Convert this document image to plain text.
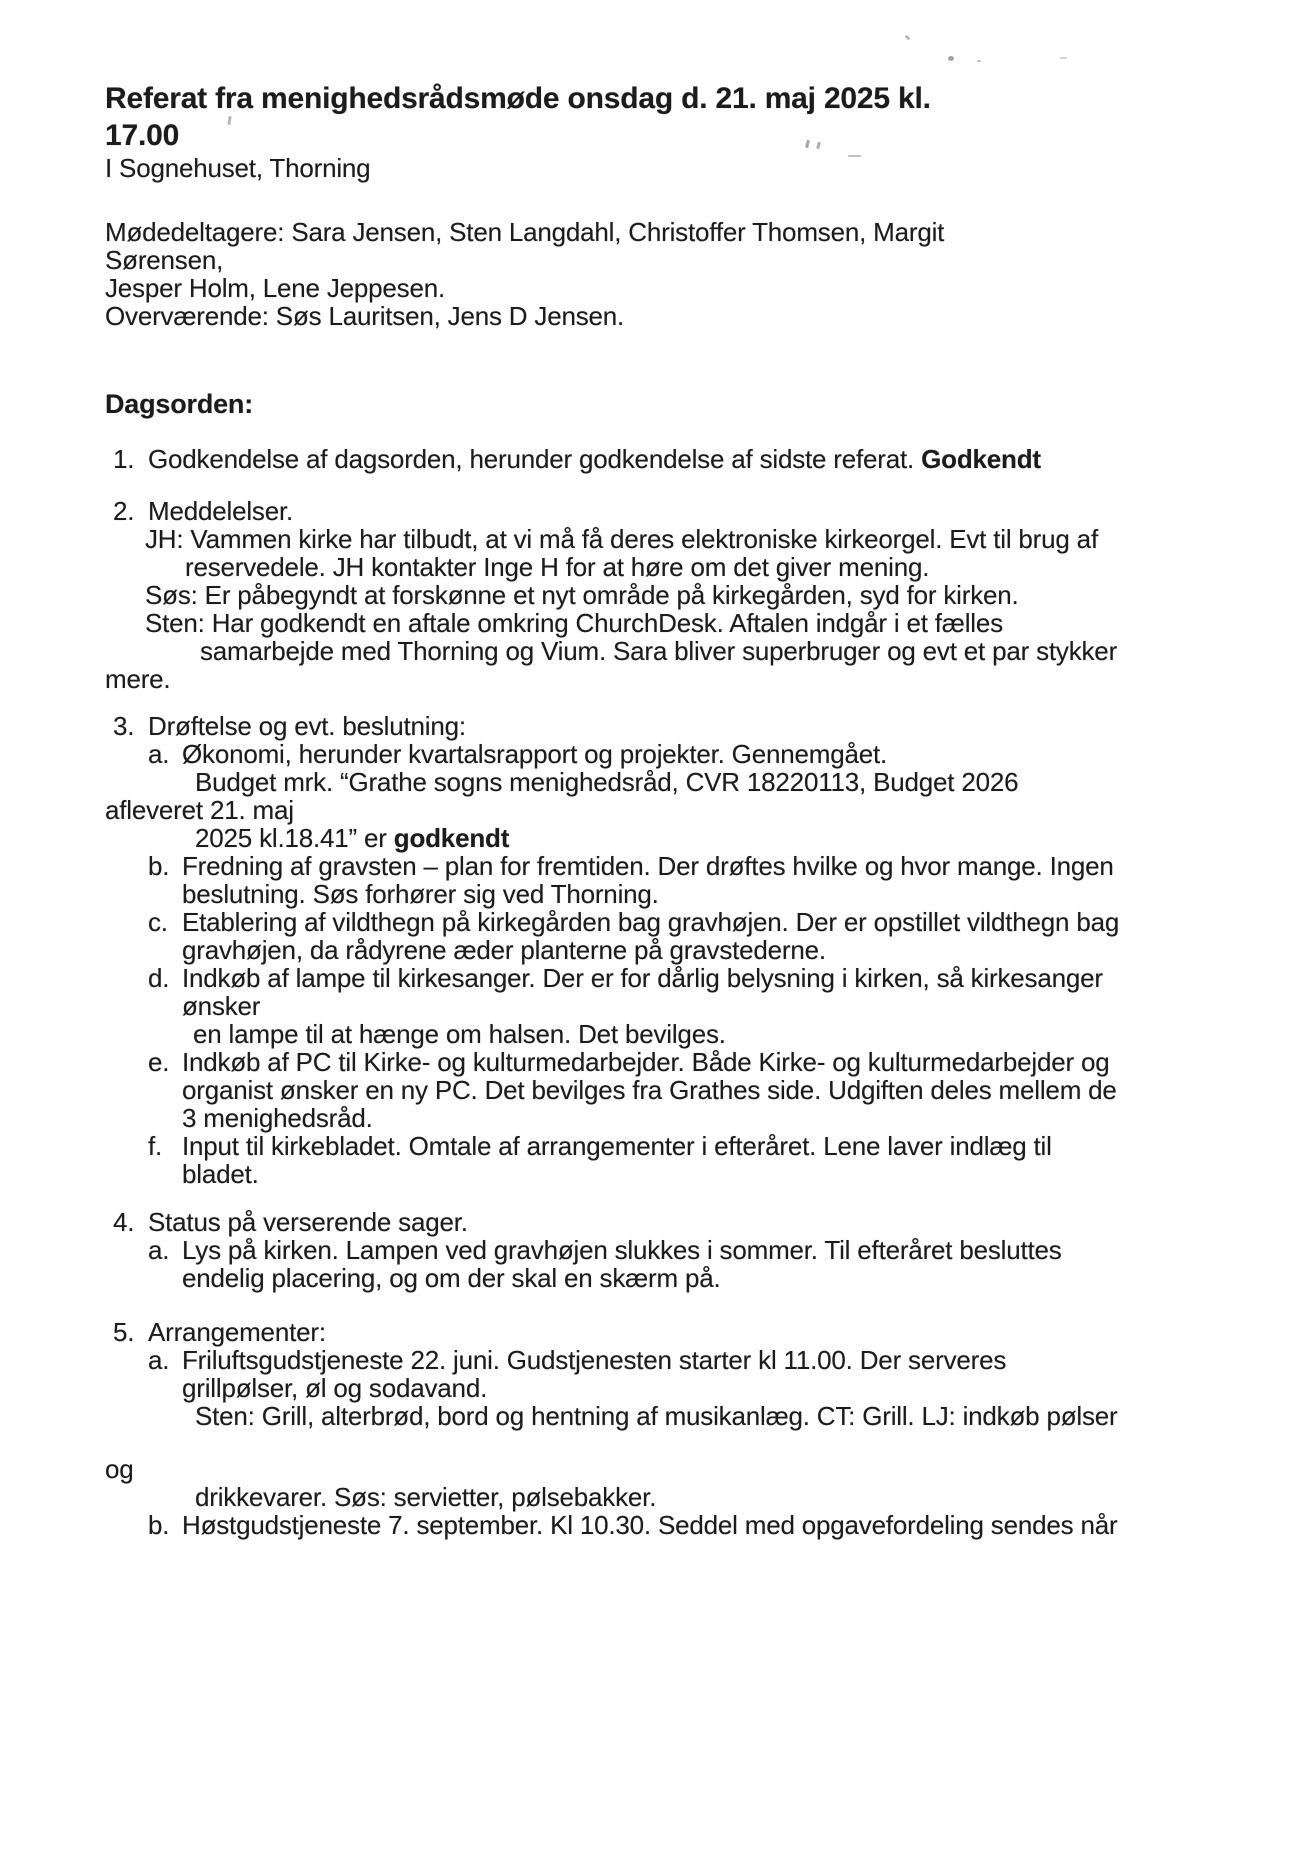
Referat fra menighedsrådsmøde onsdag d. 21. maj 2025 kl.
17.00
I Sognehuset, Thorning
Mødedeltagere: Sara Jensen, Sten Langdahl, Christoffer Thomsen, Margit
Sørensen,
Jesper Holm, Lene Jeppesen.
Overværende: Søs Lauritsen, Jens D Jensen.
Dagsorden:
1. Godkendelse af dagsorden, herunder godkendelse af sidste referat. Godkendt
2. Meddelelser.
JH: Vammen kirke har tilbudt, at vi må få deres elektroniske kirkeorgel. Evt til brug af
reservedele. JH kontakter Inge H for at høre om det giver mening.
Søs: Er påbegyndt at forskønne et nyt område på kirkegården, syd for kirken.
Sten: Har godkendt en aftale omkring ChurchDesk. Aftalen indgår i et fælles
samarbejde med Thorning og Vium. Sara bliver superbruger og evt et par stykker
mere.
3. Drøftelse og evt. beslutning:
a. Økonomi, herunder kvartalsrapport og projekter. Gennemgået.
Budget mrk. “Grathe sogns menighedsråd, CVR 18220113, Budget 2026
afleveret 21. maj
2025 kl.18.41” er godkendt
b. Fredning af gravsten – plan for fremtiden. Der drøftes hvilke og hvor mange. Ingen
beslutning. Søs forhører sig ved Thorning.
c. Etablering af vildthegn på kirkegården bag gravhøjen. Der er opstillet vildthegn bag
gravhøjen, da rådyrene æder planterne på gravstederne.
d. Indkøb af lampe til kirkesanger. Der er for dårlig belysning i kirken, så kirkesanger
ønsker
en lampe til at hænge om halsen. Det bevilges.
e. Indkøb af PC til Kirke- og kulturmedarbejder. Både Kirke- og kulturmedarbejder og
organist ønsker en ny PC. Det bevilges fra Grathes side. Udgiften deles mellem de
3 menighedsråd.
f. Input til kirkebladet. Omtale af arrangementer i efteråret. Lene laver indlæg til
bladet.
4. Status på verserende sager.
a. Lys på kirken. Lampen ved gravhøjen slukkes i sommer. Til efteråret besluttes
endelig placering, og om der skal en skærm på.
5. Arrangementer:
a. Friluftsgudstjeneste 22. juni. Gudstjenesten starter kl 11.00. Der serveres
grillpølser, øl og sodavand.
Sten: Grill, alterbrød, bord og hentning af musikanlæg. CT: Grill. LJ: indkøb pølser
og
drikkevarer. Søs: servietter, pølsebakker.
b. Høstgudstjeneste 7. september. Kl 10.30. Seddel med opgavefordeling sendes når
